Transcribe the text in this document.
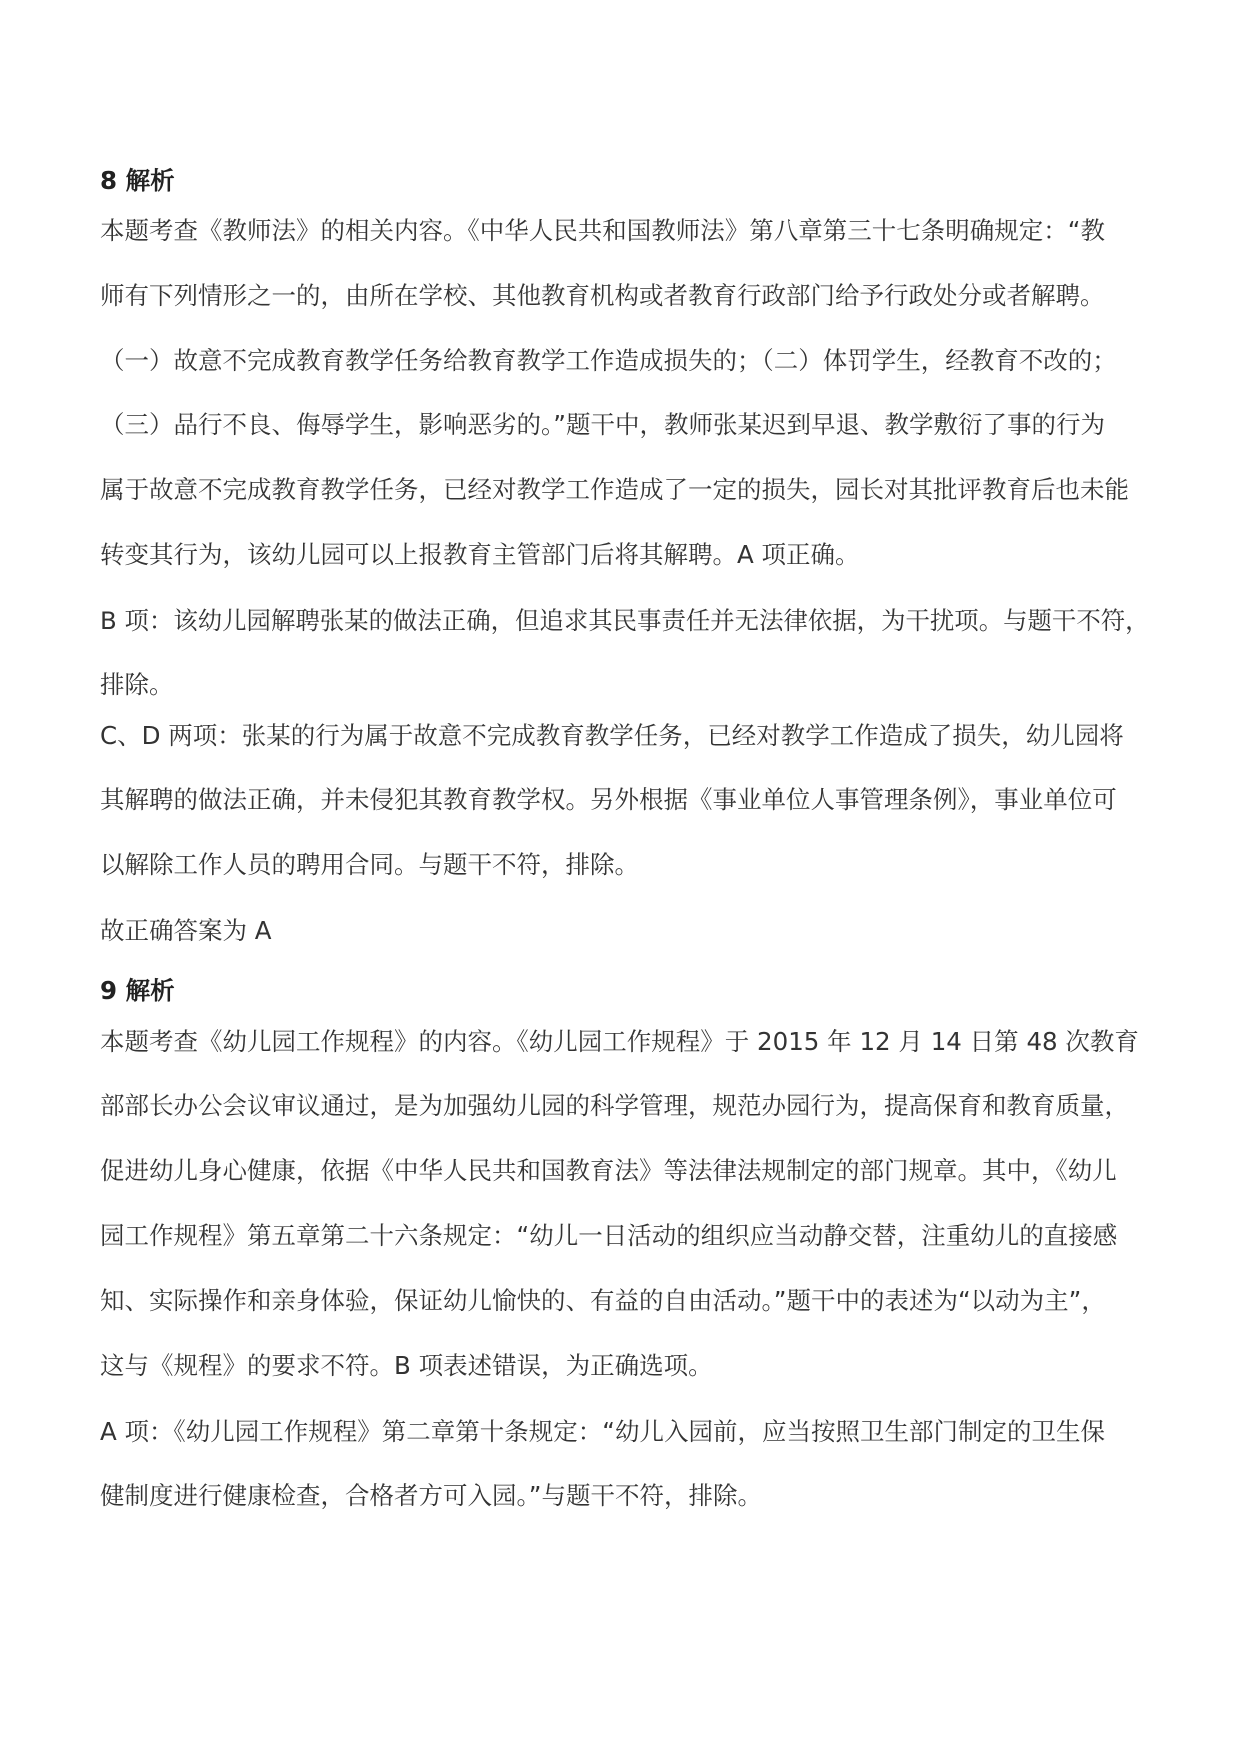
8 解析
本题考查《教师法》的相关内容。《中华人民共和国教师法》第八章第三十七条明确规定：“教
师有下列情形之一的，由所在学校、其他教育机构或者教育行政部门给予行政处分或者解聘。
（一）故意不完成教育教学任务给教育教学工作造成损失的；（二）体罚学生，经教育不改的；
（三）品行不良、侮辱学生，影响恶劣的。”题干中，教师张某迟到早退、教学敷衍了事的行为
属于故意不完成教育教学任务，已经对教学工作造成了一定的损失，园长对其批评教育后也未能
转变其行为，该幼儿园可以上报教育主管部门后将其解聘。A 项正确。
B 项：该幼儿园解聘张某的做法正确，但追求其民事责任并无法律依据，为干扰项。与题干不符，
排除。
C、D 两项：张某的行为属于故意不完成教育教学任务，已经对教学工作造成了损失，幼儿园将
其解聘的做法正确，并未侵犯其教育教学权。另外根据《事业单位人事管理条例》，事业单位可
以解除工作人员的聘用合同。与题干不符，排除。
故正确答案为 A
9 解析
本题考查《幼儿园工作规程》的内容。《幼儿园工作规程》于 2015 年 12 月 14 日第 48 次教育
部部长办公会议审议通过，是为加强幼儿园的科学管理，规范办园行为，提高保育和教育质量，
促进幼儿身心健康，依据《中华人民共和国教育法》等法律法规制定的部门规章。其中，《幼儿
园工作规程》第五章第二十六条规定：“幼儿一日活动的组织应当动静交替，注重幼儿的直接感
知、实际操作和亲身体验，保证幼儿愉快的、有益的自由活动。”题干中的表述为“以动为主”，
这与《规程》的要求不符。B 项表述错误，为正确选项。
A 项：《幼儿园工作规程》第二章第十条规定：“幼儿入园前，应当按照卫生部门制定的卫生保
健制度进行健康检查，合格者方可入园。”与题干不符，排除。
